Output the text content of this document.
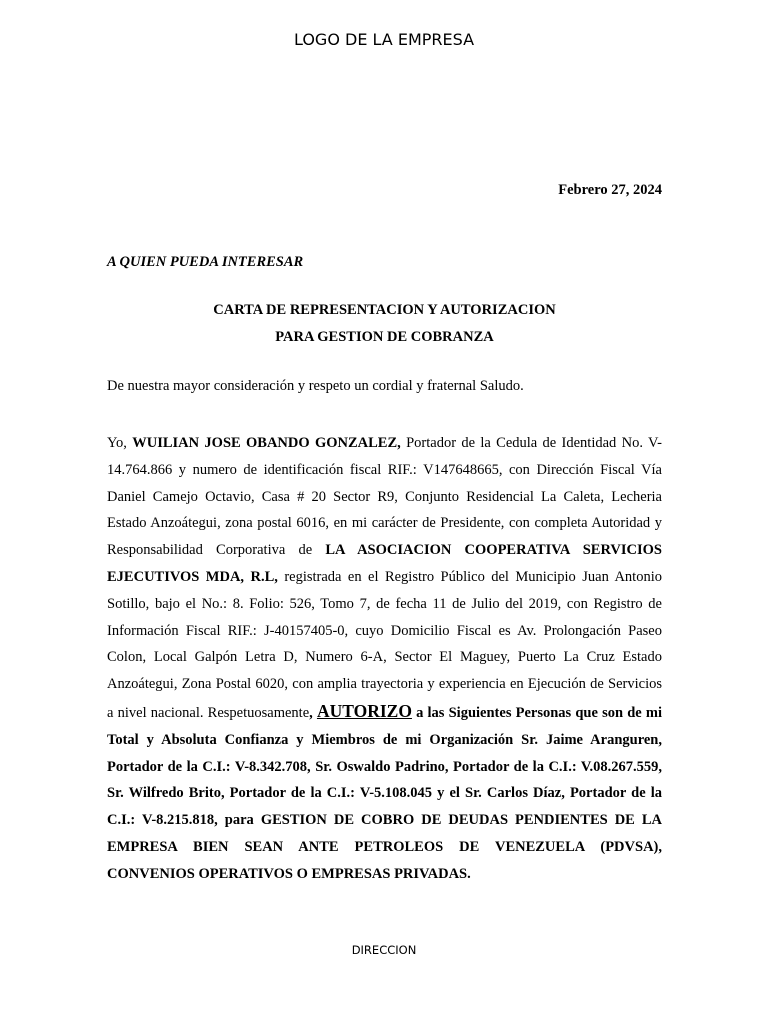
LOGO DE LA EMPRESA
Febrero 27, 2024
A QUIEN PUEDA INTERESAR
CARTA DE REPRESENTACION Y AUTORIZACION
PARA GESTION DE COBRANZA
De nuestra mayor consideración y respeto un cordial y fraternal Saludo.
Yo, WUILIAN JOSE OBANDO GONZALEZ, Portador de la Cedula de Identidad No. V-14.764.866 y numero de identificación fiscal RIF.: V147648665, con Dirección Fiscal Vía Daniel Camejo Octavio, Casa # 20 Sector R9, Conjunto Residencial La Caleta, Lecheria Estado Anzoátegui, zona postal 6016, en mi carácter de Presidente, con completa Autoridad y Responsabilidad Corporativa de LA ASOCIACION COOPERATIVA SERVICIOS EJECUTIVOS MDA, R.L, registrada en el Registro Público del Municipio Juan Antonio Sotillo, bajo el No.: 8. Folio: 526, Tomo 7, de fecha 11 de Julio del 2019, con Registro de Información Fiscal RIF.: J-40157405-0, cuyo Domicilio Fiscal es Av. Prolongación Paseo Colon, Local Galpón Letra D, Numero 6-A, Sector El Maguey, Puerto La Cruz Estado Anzoátegui, Zona Postal 6020, con amplia trayectoria y experiencia en Ejecución de Servicios a nivel nacional. Respetuosamente, AUTORIZO a las Siguientes Personas que son de mi Total y Absoluta Confianza y Miembros de mi Organización Sr. Jaime Aranguren, Portador de la C.I.: V-8.342.708, Sr. Oswaldo Padrino, Portador de la C.I.: V.08.267.559, Sr. Wilfredo Brito, Portador de la C.I.: V-5.108.045 y el Sr. Carlos Díaz, Portador de la C.I.: V-8.215.818, para GESTION DE COBRO DE DEUDAS PENDIENTES DE LA EMPRESA BIEN SEAN ANTE PETROLEOS DE VENEZUELA (PDVSA), CONVENIOS OPERATIVOS O EMPRESAS PRIVADAS.
DIRECCION
